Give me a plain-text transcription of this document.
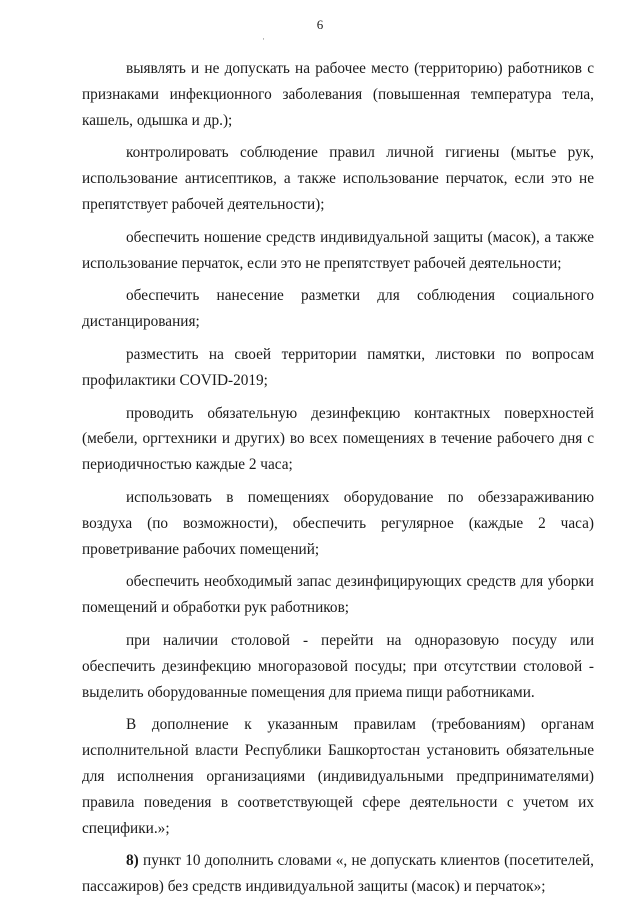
6
·

выявлять и не допускать на рабочее место (территорию) работников с признаками инфекционного заболевания (повышенная температура тела, кашель, одышка и др.);

контролировать соблюдение правил личной гигиены (мытье рук, использование антисептиков, а также использование перчаток, если это не препятствует рабочей деятельности);

обеспечить ношение средств индивидуальной защиты (масок), а также использование перчаток, если это не препятствует рабочей деятельности;

обеспечить нанесение разметки для соблюдения социального дистанцирования;

разместить на своей территории памятки, листовки по вопросам профилактики COVID-2019;

проводить обязательную дезинфекцию контактных поверхностей (мебели, оргтехники и других) во всех помещениях в течение рабочего дня с периодичностью каждые 2 часа;

использовать в помещениях оборудование по обеззараживанию воздуха (по возможности), обеспечить регулярное (каждые 2 часа) проветривание рабочих помещений;

обеспечить необходимый запас дезинфицирующих средств для уборки помещений и обработки рук работников;

при наличии столовой - перейти на одноразовую посуду или обеспечить дезинфекцию многоразовой посуды; при отсутствии столовой - выделить оборудованные помещения для приема пищи работниками.

В дополнение к указанным правилам (требованиям) органам исполнительной власти Республики Башкортостан установить обязательные для исполнения организациями (индивидуальными предпринимателями) правила поведения в соответствующей сфере деятельности с учетом их специфики.»;

8) пункт 10 дополнить словами «, не допускать клиентов (посетителей, пассажиров) без средств индивидуальной защиты (масок) и перчаток»;
